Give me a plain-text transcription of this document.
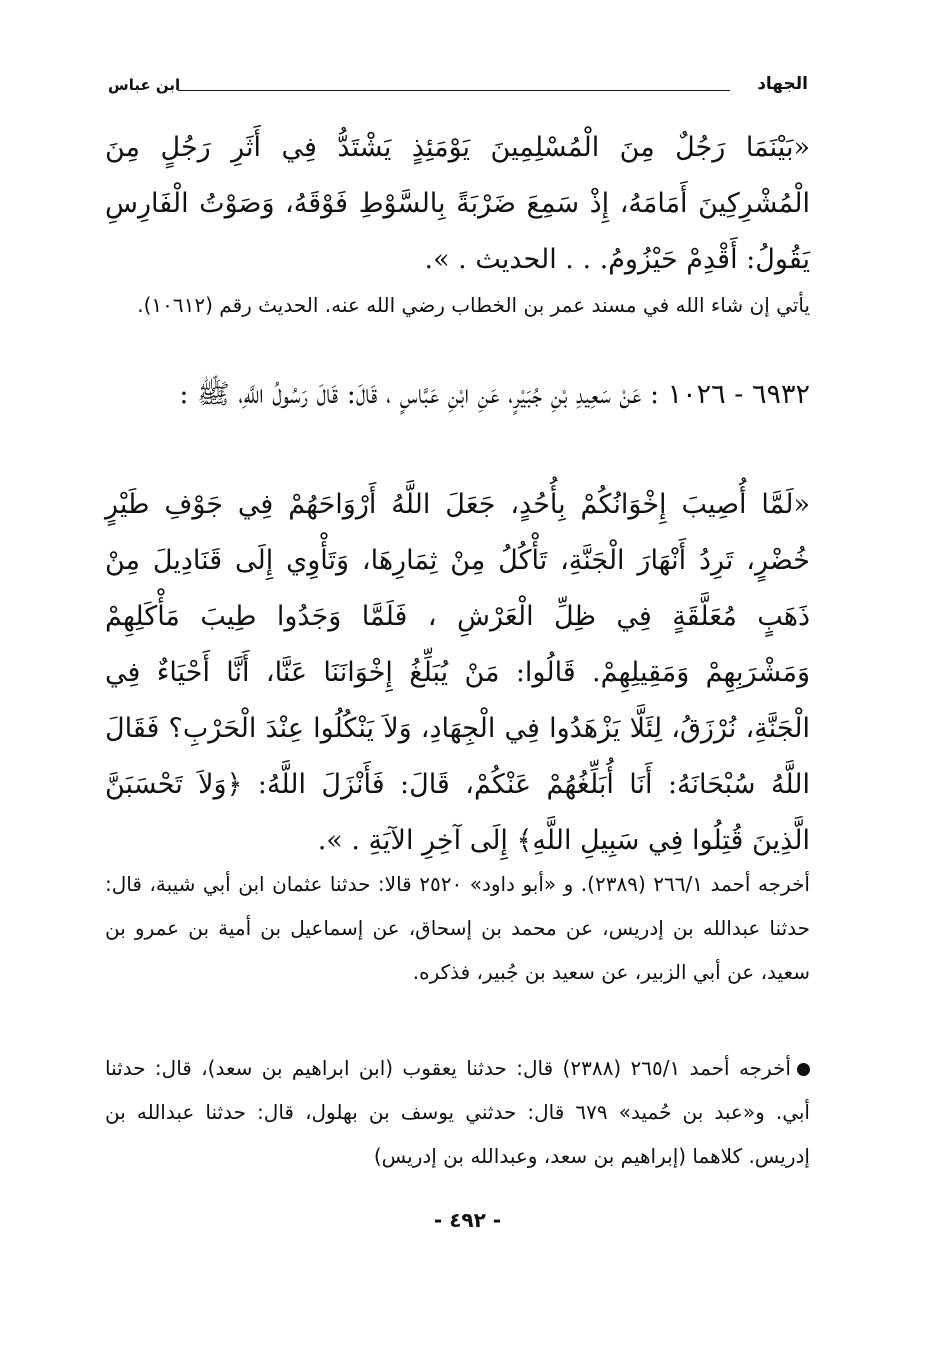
الجهاد
ابن عباس
«بَيْنَمَا رَجُلٌ مِنَ الْمُسْلِمِينَ يَوْمَئِذٍ يَشْتَدُّ فِي أَثَرِ رَجُلٍ مِنَ الْمُشْرِكِينَ أَمَامَهُ، إِذْ سَمِعَ ضَرْبَةً بِالسَّوْطِ فَوْقَهُ، وَصَوْتُ الْفَارِسِ يَقُولُ: أَقْدِمْ حَيْزُومُ. . . الحديث . ».
يأتي إن شاء الله في مسند عمر بن الخطاب رضي الله عنه. الحديث رقم (١٠٦١٢).
٦٩٣٢ - ١٠٢٦ : عَنْ سَعِيدِ بْنِ جُبَيْرٍ، عَنِ ابْنِ عَبَّاسٍ ، قَالَ: قَالَ رَسُولُ اللَّهِ، ﷺ :
«لَمَّا أُصِيبَ إِخْوَانُكُمْ بِأُحُدٍ، جَعَلَ اللَّهُ أَرْوَاحَهُمْ فِي جَوْفِ طَيْرٍ خُضْرٍ، تَرِدُ أَنْهَارَ الْجَنَّةِ، تَأْكُلُ مِنْ ثِمَارِهَا، وَتَأْوِي إِلَى قَنَادِيلَ مِنْ ذَهَبٍ مُعَلَّقَةٍ فِي ظِلِّ الْعَرْشِ ، فَلَمَّا وَجَدُوا طِيبَ مَأْكَلِهِمْ وَمَشْرَبِهِمْ وَمَقِيلِهِمْ. قَالُوا: مَنْ يُبَلِّغُ إِخْوَانَنَا عَنَّا، أَنَّا أَحْيَاءٌ فِي الْجَنَّةِ، نُرْزَقُ، لِئَلَّا يَزْهَدُوا فِي الْجِهَادِ، وَلاَ يَنْكُلُوا عِنْدَ الْحَرْبِ؟ فَقَالَ اللَّهُ سُبْحَانَهُ: أَنَا أُبَلِّغُهُمْ عَنْكُمْ، قَالَ: فَأَنْزَلَ اللَّهُ: ﴿وَلاَ تَحْسَبَنَّ الَّذِينَ قُتِلُوا فِي سَبِيلِ اللَّهِ﴾ إِلَى آخِرِ الآيَةِ . ».
أخرجه أحمد ٢٦٦/١ (٢٣٨٩). و «أبو داود» ٢٥٢٠ قالا: حدثنا عثمان ابن أبي شيبة، قال: حدثنا عبدالله بن إدريس، عن محمد بن إسحاق، عن إسماعيل بن أمية بن عمرو بن سعيد، عن أبي الزبير، عن سعيد بن جُبير، فذكره.
أخرجه أحمد ٢٦٥/١ (٢٣٨٨) قال: حدثنا يعقوب (ابن ابراهيم بن سعد)، قال: حدثنا أبي. و«عبد بن حُميد» ٦٧٩ قال: حدثني يوسف بن بهلول، قال: حدثنا عبدالله بن إدريس. كلاهما (إبراهيم بن سعد، وعبدالله بن إدريس)
- ٤٩٢ -
